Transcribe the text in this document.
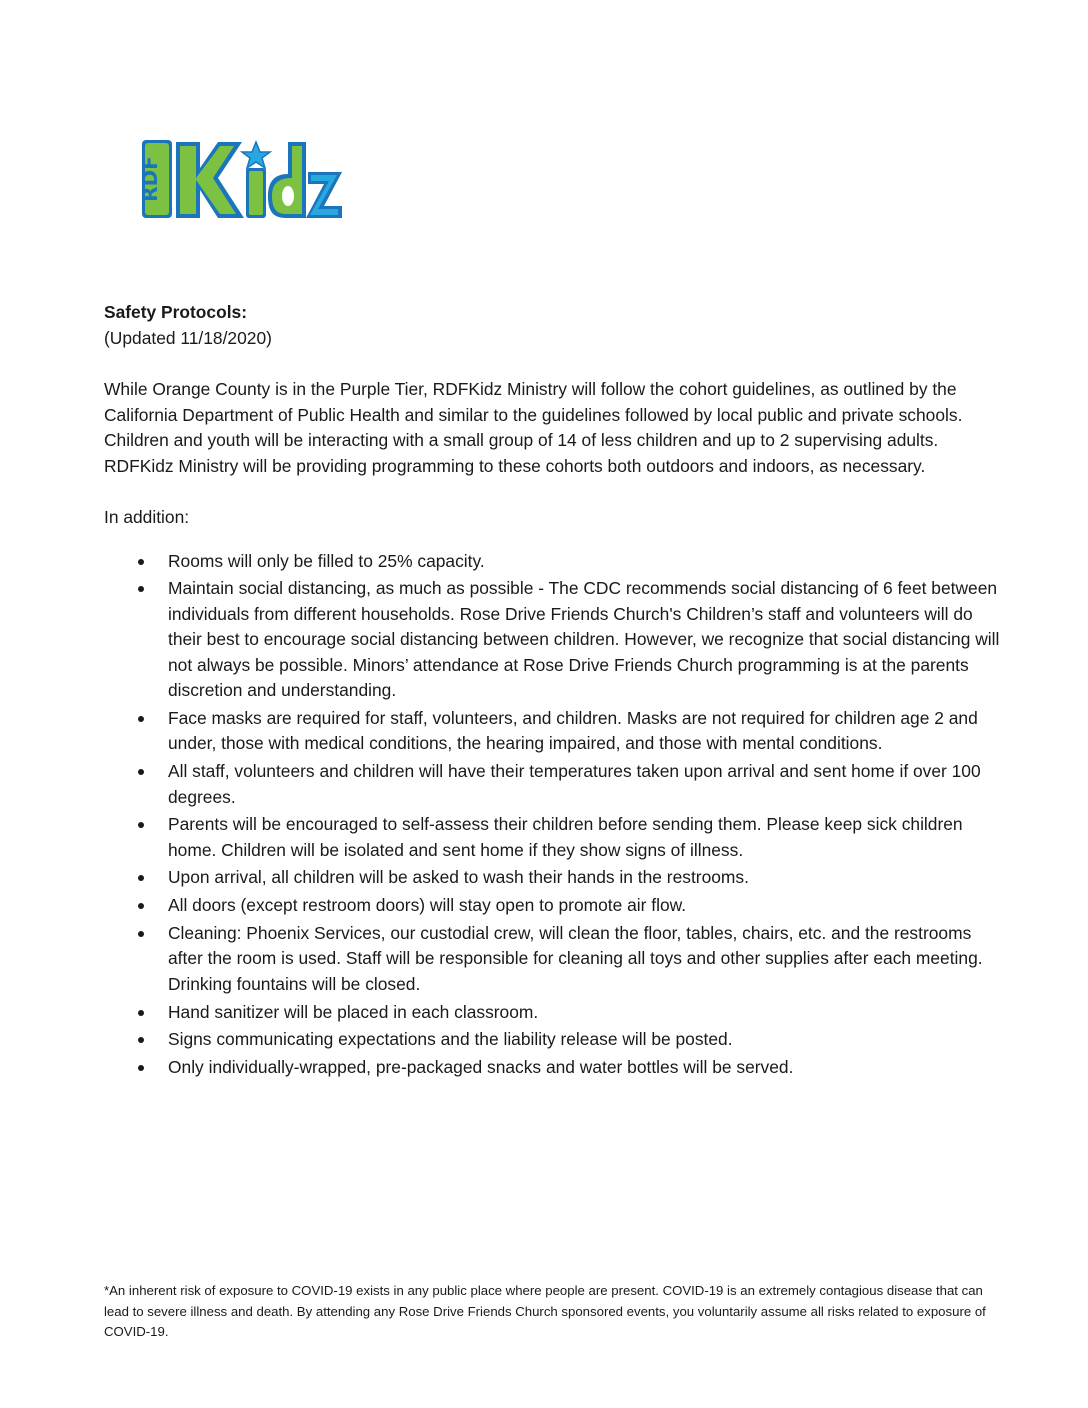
RDF

Safety Protocols:

(Updated 11/18/2020)

While Orange County is in the Purple Tier, RDFKidz Ministry will follow the cohort guidelines, as outlined by the California Department of Public Health and similar to the guidelines followed by local public and private schools. Children and youth will be interacting with a small group of 14 of less children and up to 2 supervising adults. RDFKidz Ministry will be providing programming to these cohorts both outdoors and indoors, as necessary.

In addition:

Rooms will only be filled to 25% capacity.
Maintain social distancing, as much as possible - The CDC recommends social distancing of 6 feet between individuals from different households. Rose Drive Friends Church's Children’s staff and volunteers will do their best to encourage social distancing between children. However, we recognize that social distancing will not always be possible. Minors’ attendance at Rose Drive Friends Church programming is at the parents discretion and understanding.
Face masks are required for staff, volunteers, and children. Masks are not required for children age 2 and under, those with medical conditions, the hearing impaired, and those with mental conditions.
All staff, volunteers and children will have their temperatures taken upon arrival and sent home if over 100 degrees.
Parents will be encouraged to self-assess their children before sending them. Please keep sick children home. Children will be isolated and sent home if they show signs of illness.
Upon arrival, all children will be asked to wash their hands in the restrooms.
All doors (except restroom doors) will stay open to promote air flow.
Cleaning: Phoenix Services, our custodial crew, will clean the floor, tables, chairs, etc. and the restrooms after the room is used. Staff will be responsible for cleaning all toys and other supplies after each meeting. Drinking fountains will be closed.
Hand sanitizer will be placed in each classroom.
Signs communicating expectations and the liability release will be posted.
Only individually-wrapped, pre-packaged snacks and water bottles will be served.

*An inherent risk of exposure to COVID-19 exists in any public place where people are present. COVID-19 is an extremely contagious disease that can lead to severe illness and death. By attending any Rose Drive Friends Church sponsored events, you voluntarily assume all risks related to exposure of COVID-19.
